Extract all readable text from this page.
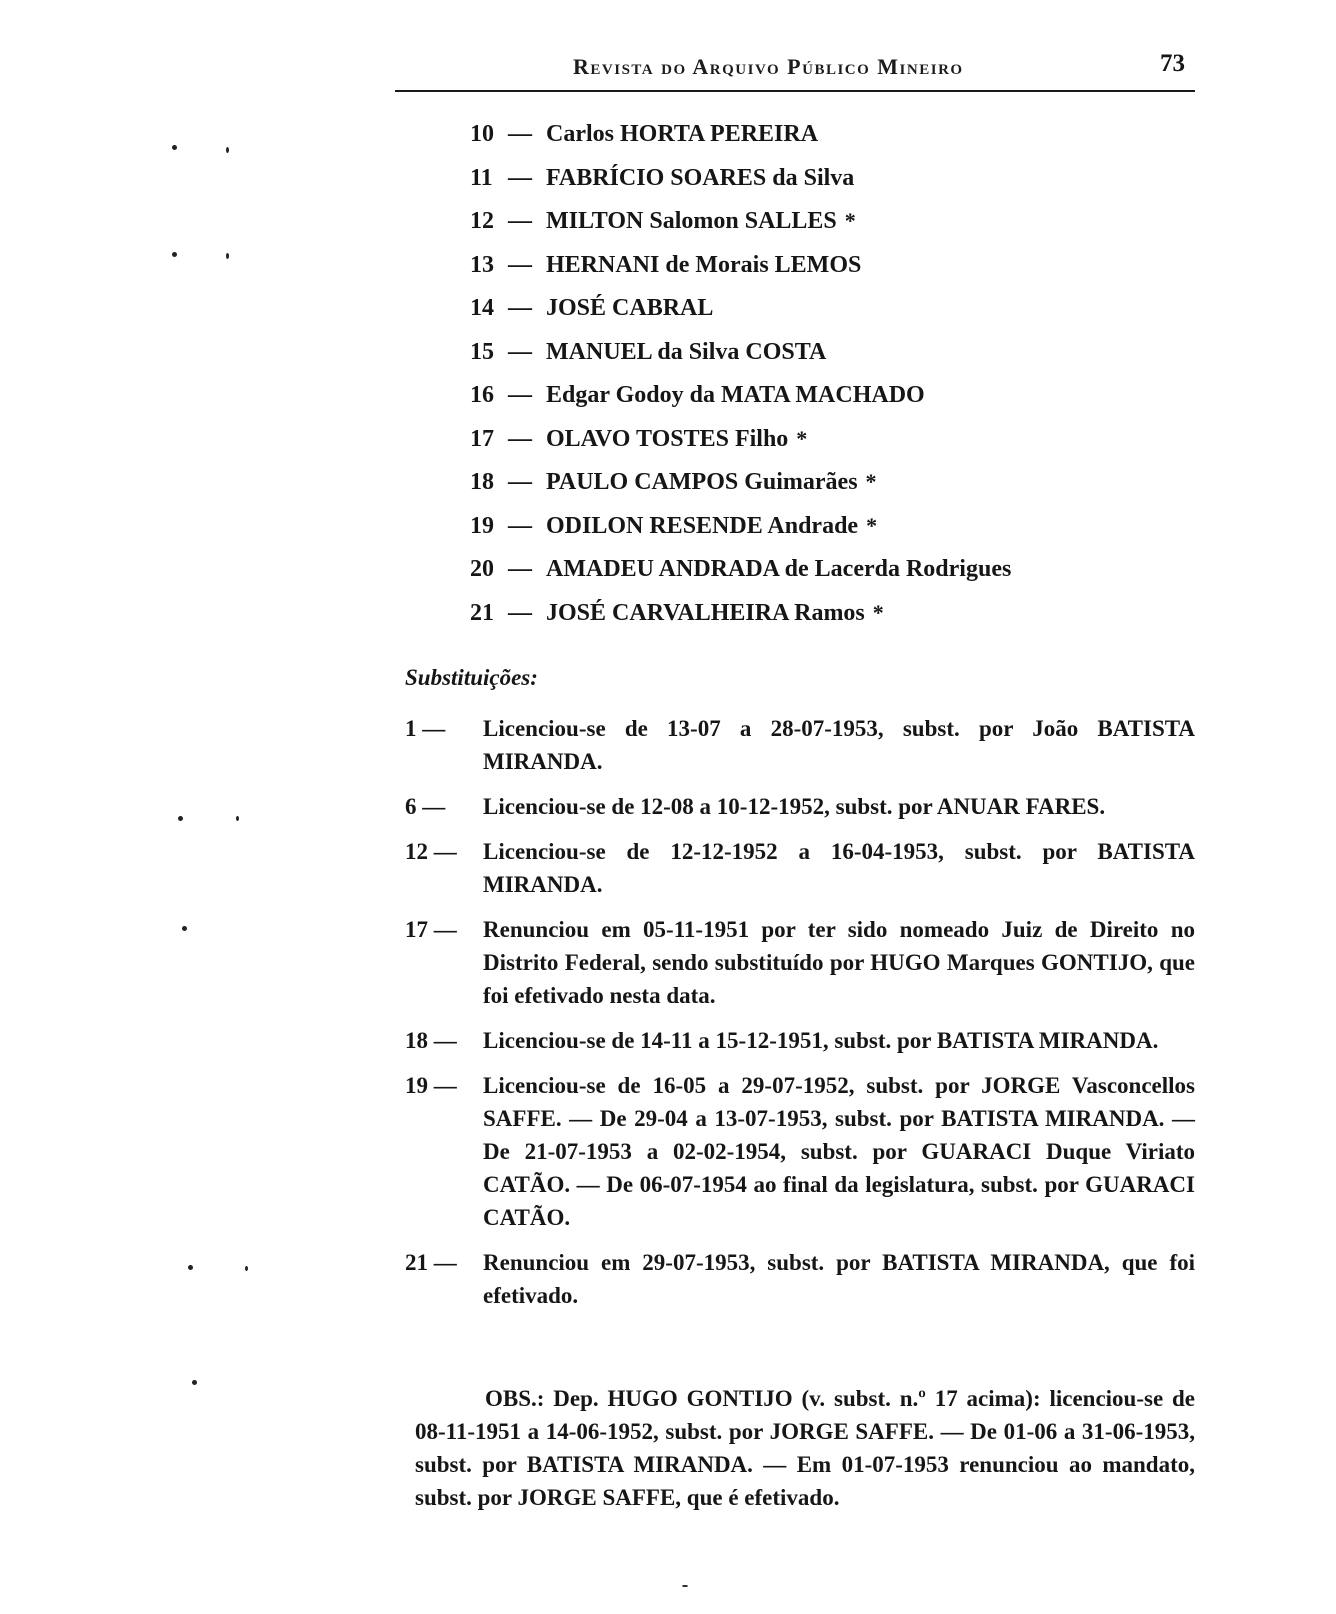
Revista do Arquivo Público Mineiro	73
10 — Carlos HORTA PEREIRA
11 — FABRÍCIO SOARES da Silva
12 — MILTON Salomon SALLES *
13 — HERNANI de Morais LEMOS
14 — JOSÉ CABRAL
15 — MANUEL da Silva COSTA
16 — Edgar Godoy da MATA MACHADO
17 — OLAVO TOSTES Filho *
18 — PAULO CAMPOS Guimarães *
19 — ODILON RESENDE Andrade *
20 — AMADEU ANDRADA de Lacerda Rodrigues
21 — JOSÉ CARVALHEIRA Ramos *
Substituições:
1 —	Licenciou-se de 13-07 a 28-07-1953, subst. por João BATISTA MIRANDA.
6 —	Licenciou-se de 12-08 a 10-12-1952, subst. por ANUAR FARES.
12 —	Licenciou-se de 12-12-1952 a 16-04-1953, subst. por BATISTA MIRANDA.
17 —	Renunciou em 05-11-1951 por ter sido nomeado Juiz de Direito no Distrito Federal, sendo substituído por HUGO Marques GONTIJO, que foi efetivado nesta data.
18 —	Licenciou-se de 14-11 a 15-12-1951, subst. por BATISTA MIRANDA.
19 —	Licenciou-se de 16-05 a 29-07-1952, subst. por JORGE Vasconcellos SAFFE. — De 29-04 a 13-07-1953, subst. por BATISTA MIRANDA. — De 21-07-1953 a 02-02-1954, subst. por GUARACI Duque Viriato CATÃO. — De 06-07-1954 ao final da legislatura, subst. por GUARACI CATÃO.
21 —	Renunciou em 29-07-1953, subst. por BATISTA MIRANDA, que foi efetivado.
OBS.: Dep. HUGO GONTIJO (v. subst. n.º 17 acima): licenciou-se de 08-11-1951 a 14-06-1952, subst. por JORGE SAFFE. — De 01-06 a 31-06-1953, subst. por BATISTA MIRANDA. — Em 01-07-1953 renunciou ao mandato, subst. por JORGE SAFFE, que é efetivado.
